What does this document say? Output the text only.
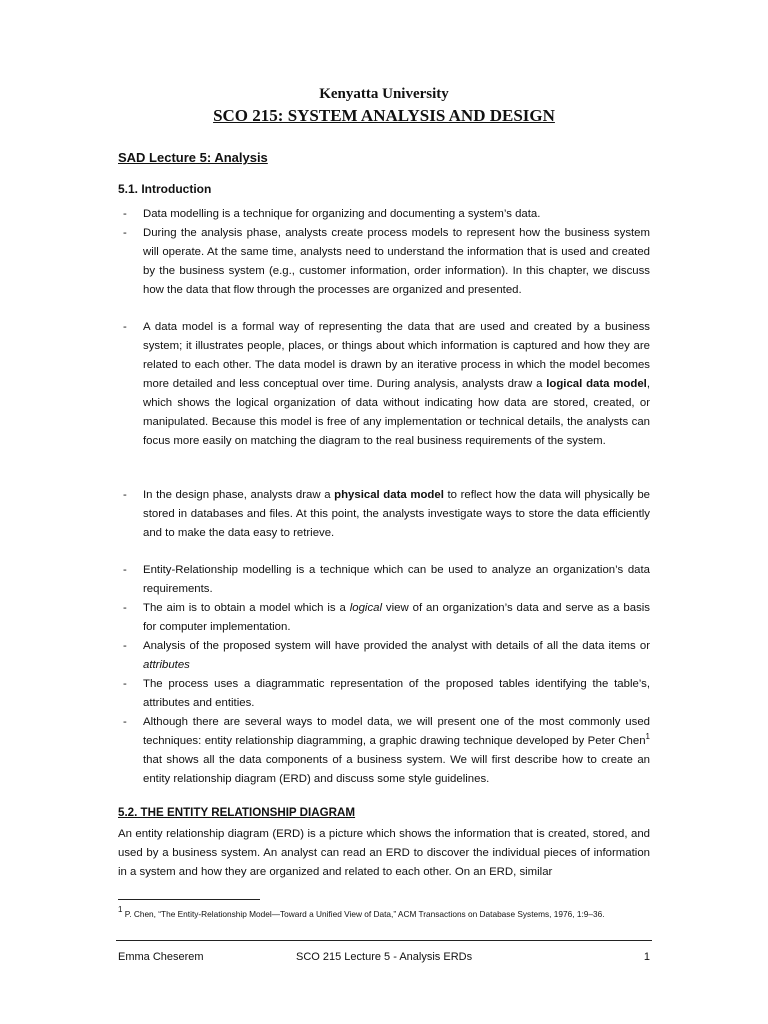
Kenyatta University
SCO 215: SYSTEM ANALYSIS AND DESIGN
SAD Lecture 5: Analysis
5.1. Introduction
- Data modelling is a technique for organizing and documenting a system’s data.
- During the analysis phase, analysts create process models to represent how the business system will operate. At the same time, analysts need to understand the information that is used and created by the business system (e.g., customer information, order information). In this chapter, we discuss how the data that flow through the processes are organized and presented.
- A data model is a formal way of representing the data that are used and created by a business system; it illustrates people, places, or things about which information is captured and how they are related to each other. The data model is drawn by an iterative process in which the model becomes more detailed and less conceptual over time. During analysis, analysts draw a logical data model, which shows the logical organization of data without indicating how data are stored, created, or manipulated. Because this model is free of any implementation or technical details, the analysts can focus more easily on matching the diagram to the real business requirements of the system.
- In the design phase, analysts draw a physical data model to reflect how the data will physically be stored in databases and files. At this point, the analysts investigate ways to store the data efficiently and to make the data easy to retrieve.
- Entity-Relationship modelling is a technique which can be used to analyze an organization’s data requirements.
- The aim is to obtain a model which is a logical view of an organization’s data and serve as a basis for computer implementation.
- Analysis of the proposed system will have provided the analyst with details of all the data items or attributes
- The process uses a diagrammatic representation of the proposed tables identifying the table’s, attributes and entities.
- Although there are several ways to model data, we will present one of the most commonly used techniques: entity relationship diagramming, a graphic drawing technique developed by Peter Chen$^1$ that shows all the data components of a business system. We will first describe how to create an entity relationship diagram (ERD) and discuss some style guidelines.
5.2. THE ENTITY RELATIONSHIP DIAGRAM

An entity relationship diagram (ERD) is a picture which shows the information that is created, stored, and used by a business system. An analyst can read an ERD to discover the individual pieces of information in a system and how they are organized and related to each other. On an ERD, similar

$^1$ P. Chen, “The Entity-Relationship Model—Toward a Unified View of Data,” ACM Transactions on Database Systems, 1976, 1:9–36.

Emma Cheserem	SCO 215 Lecture 5 - Analysis ERDs	1
